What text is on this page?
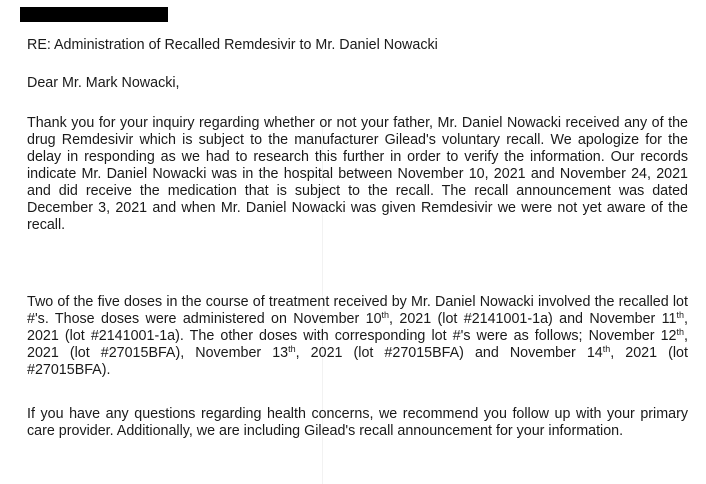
RE: Administration of Recalled Remdesivir to Mr. Daniel Nowacki
Dear Mr. Mark Nowacki,

Thank you for your inquiry regarding whether or not your father, Mr. Daniel Nowacki received any of the drug Remdesivir which is subject to the manufacturer Gilead's voluntary recall. We apologize for the delay in responding as we had to research this further in order to verify the information. Our records indicate Mr. Daniel Nowacki was in the hospital between November 10, 2021 and November 24, 2021 and did receive the medication that is subject to the recall. The recall announcement was dated December 3, 2021 and when Mr. Daniel Nowacki was given Remdesivir we were not yet aware of the recall.

Two of the five doses in the course of treatment received by Mr. Daniel Nowacki involved the recalled lot #'s. Those doses were administered on November 10th, 2021 (lot #2141001-1a) and November 11th, 2021 (lot #2141001-1a). The other doses with corresponding lot #'s were as follows; November 12th, 2021 (lot #27015BFA), November 13th, 2021 (lot #27015BFA) and November 14th, 2021 (lot #27015BFA).

If you have any questions regarding health concerns, we recommend you follow up with your primary care provider. Additionally, we are including Gilead's recall announcement for your information.
